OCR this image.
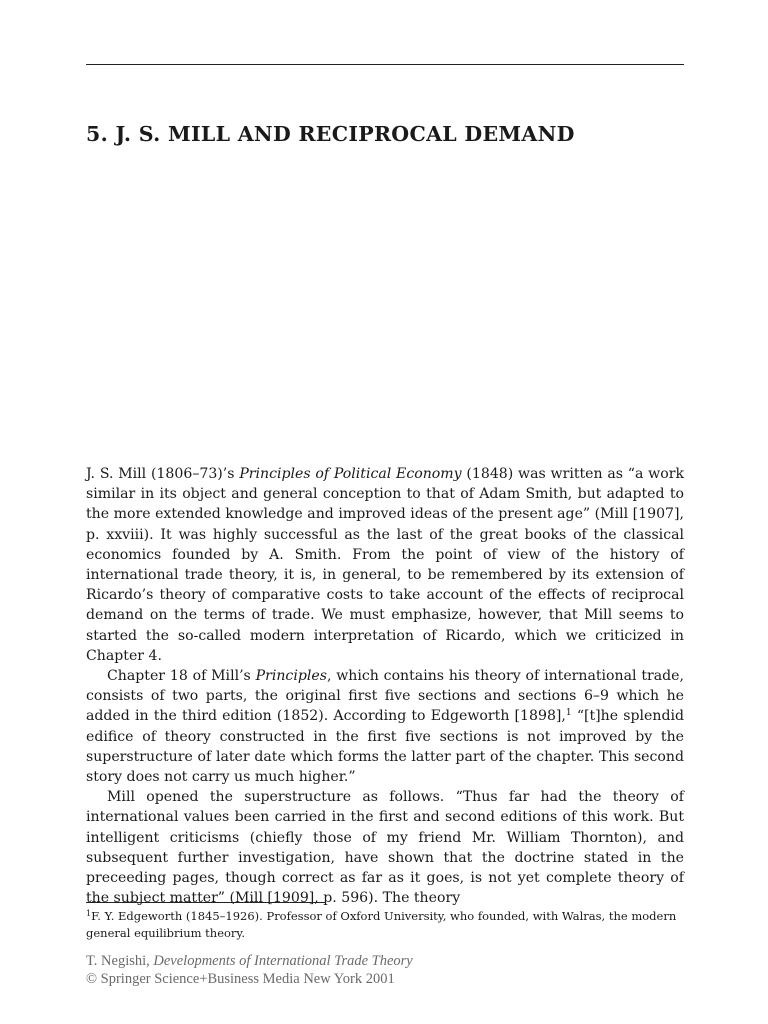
5. J. S. MILL AND RECIPROCAL DEMAND

J. S. Mill (1806–73)’s Principles of Political Economy (1848) was written as “a work similar in its object and general conception to that of Adam Smith, but adapted to the more extended knowledge and improved ideas of the present age” (Mill [1907], p. xxviii). It was highly successful as the last of the great books of the classical economics founded by A. Smith. From the point of view of the history of international trade theory, it is, in general, to be remembered by its extension of Ricardo’s theory of comparative costs to take account of the effects of reciprocal demand on the terms of trade. We must emphasize, however, that Mill seems to started the so-called modern interpretation of Ricardo, which we criticized in Chapter 4.

Chapter 18 of Mill’s Principles, which contains his theory of international trade, consists of two parts, the original first five sections and sections 6–9 which he added in the third edition (1852). According to Edgeworth [1898],$^1$ “[t]he splendid edifice of theory constructed in the first five sections is not improved by the superstructure of later date which forms the latter part of the chapter. This second story does not carry us much higher.”

Mill opened the superstructure as follows. “Thus far had the theory of international values been carried in the first and second editions of this work. But intelligent criticisms (chiefly those of my friend Mr. William Thornton), and subsequent further investigation, have shown that the doctrine stated in the preceeding pages, though correct as far as it goes, is not yet complete theory of the subject matter” (Mill [1909], p. 596). The theory

$^1$F. Y. Edgeworth (1845–1926). Professor of Oxford University, who founded, with Walras, the modern general equilibrium theory.

T. Negishi, Developments of International Trade Theory
© Springer Science+Business Media New York 2001
